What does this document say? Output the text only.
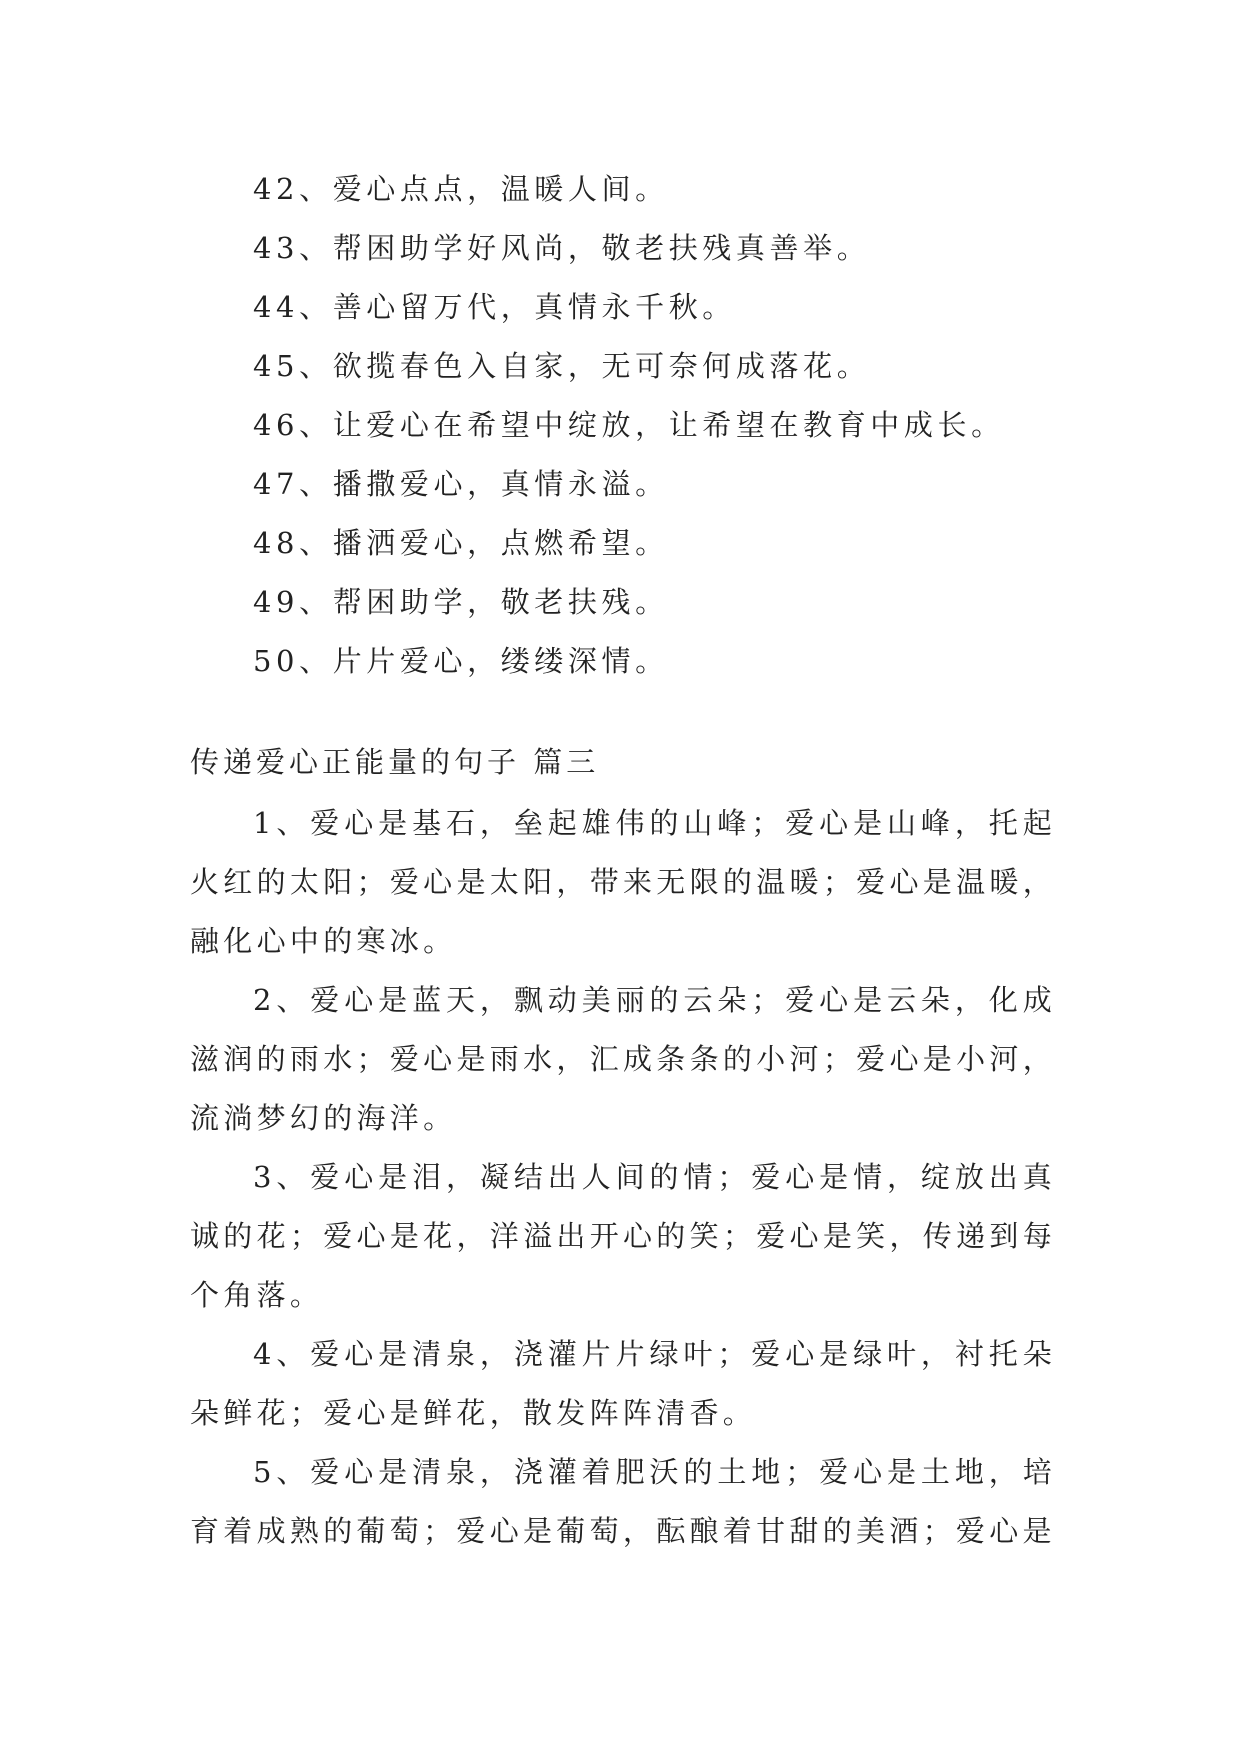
42、爱心点点，温暖人间。
43、帮困助学好风尚，敬老扶残真善举。
44、善心留万代，真情永千秋。
45、欲揽春色入自家，无可奈何成落花。
46、让爱心在希望中绽放，让希望在教育中成长。
47、播撒爱心，真情永溢。
48、播洒爱心，点燃希望。
49、帮困助学，敬老扶残。
50、片片爱心，缕缕深情。
传递爱心正能量的句子 篇三

1、爱心是基石，垒起雄伟的山峰；爱心是山峰，托起火红的太阳；爱心是太阳，带来无限的温暖；爱心是温暖，融化心中的寒冰。

2、爱心是蓝天，飘动美丽的云朵；爱心是云朵，化成滋润的雨水；爱心是雨水，汇成条条的小河；爱心是小河，流淌梦幻的海洋。

3、爱心是泪，凝结出人间的情；爱心是情，绽放出真诚的花；爱心是花，洋溢出开心的笑；爱心是笑，传递到每个角落。

4、爱心是清泉，浇灌片片绿叶；爱心是绿叶，衬托朵朵鲜花；爱心是鲜花，散发阵阵清香。

5、爱心是清泉，浇灌着肥沃的土地；爱心是土地，培育着成熟的葡萄；爱心是葡萄，酝酿着甘甜的美酒；爱心是
